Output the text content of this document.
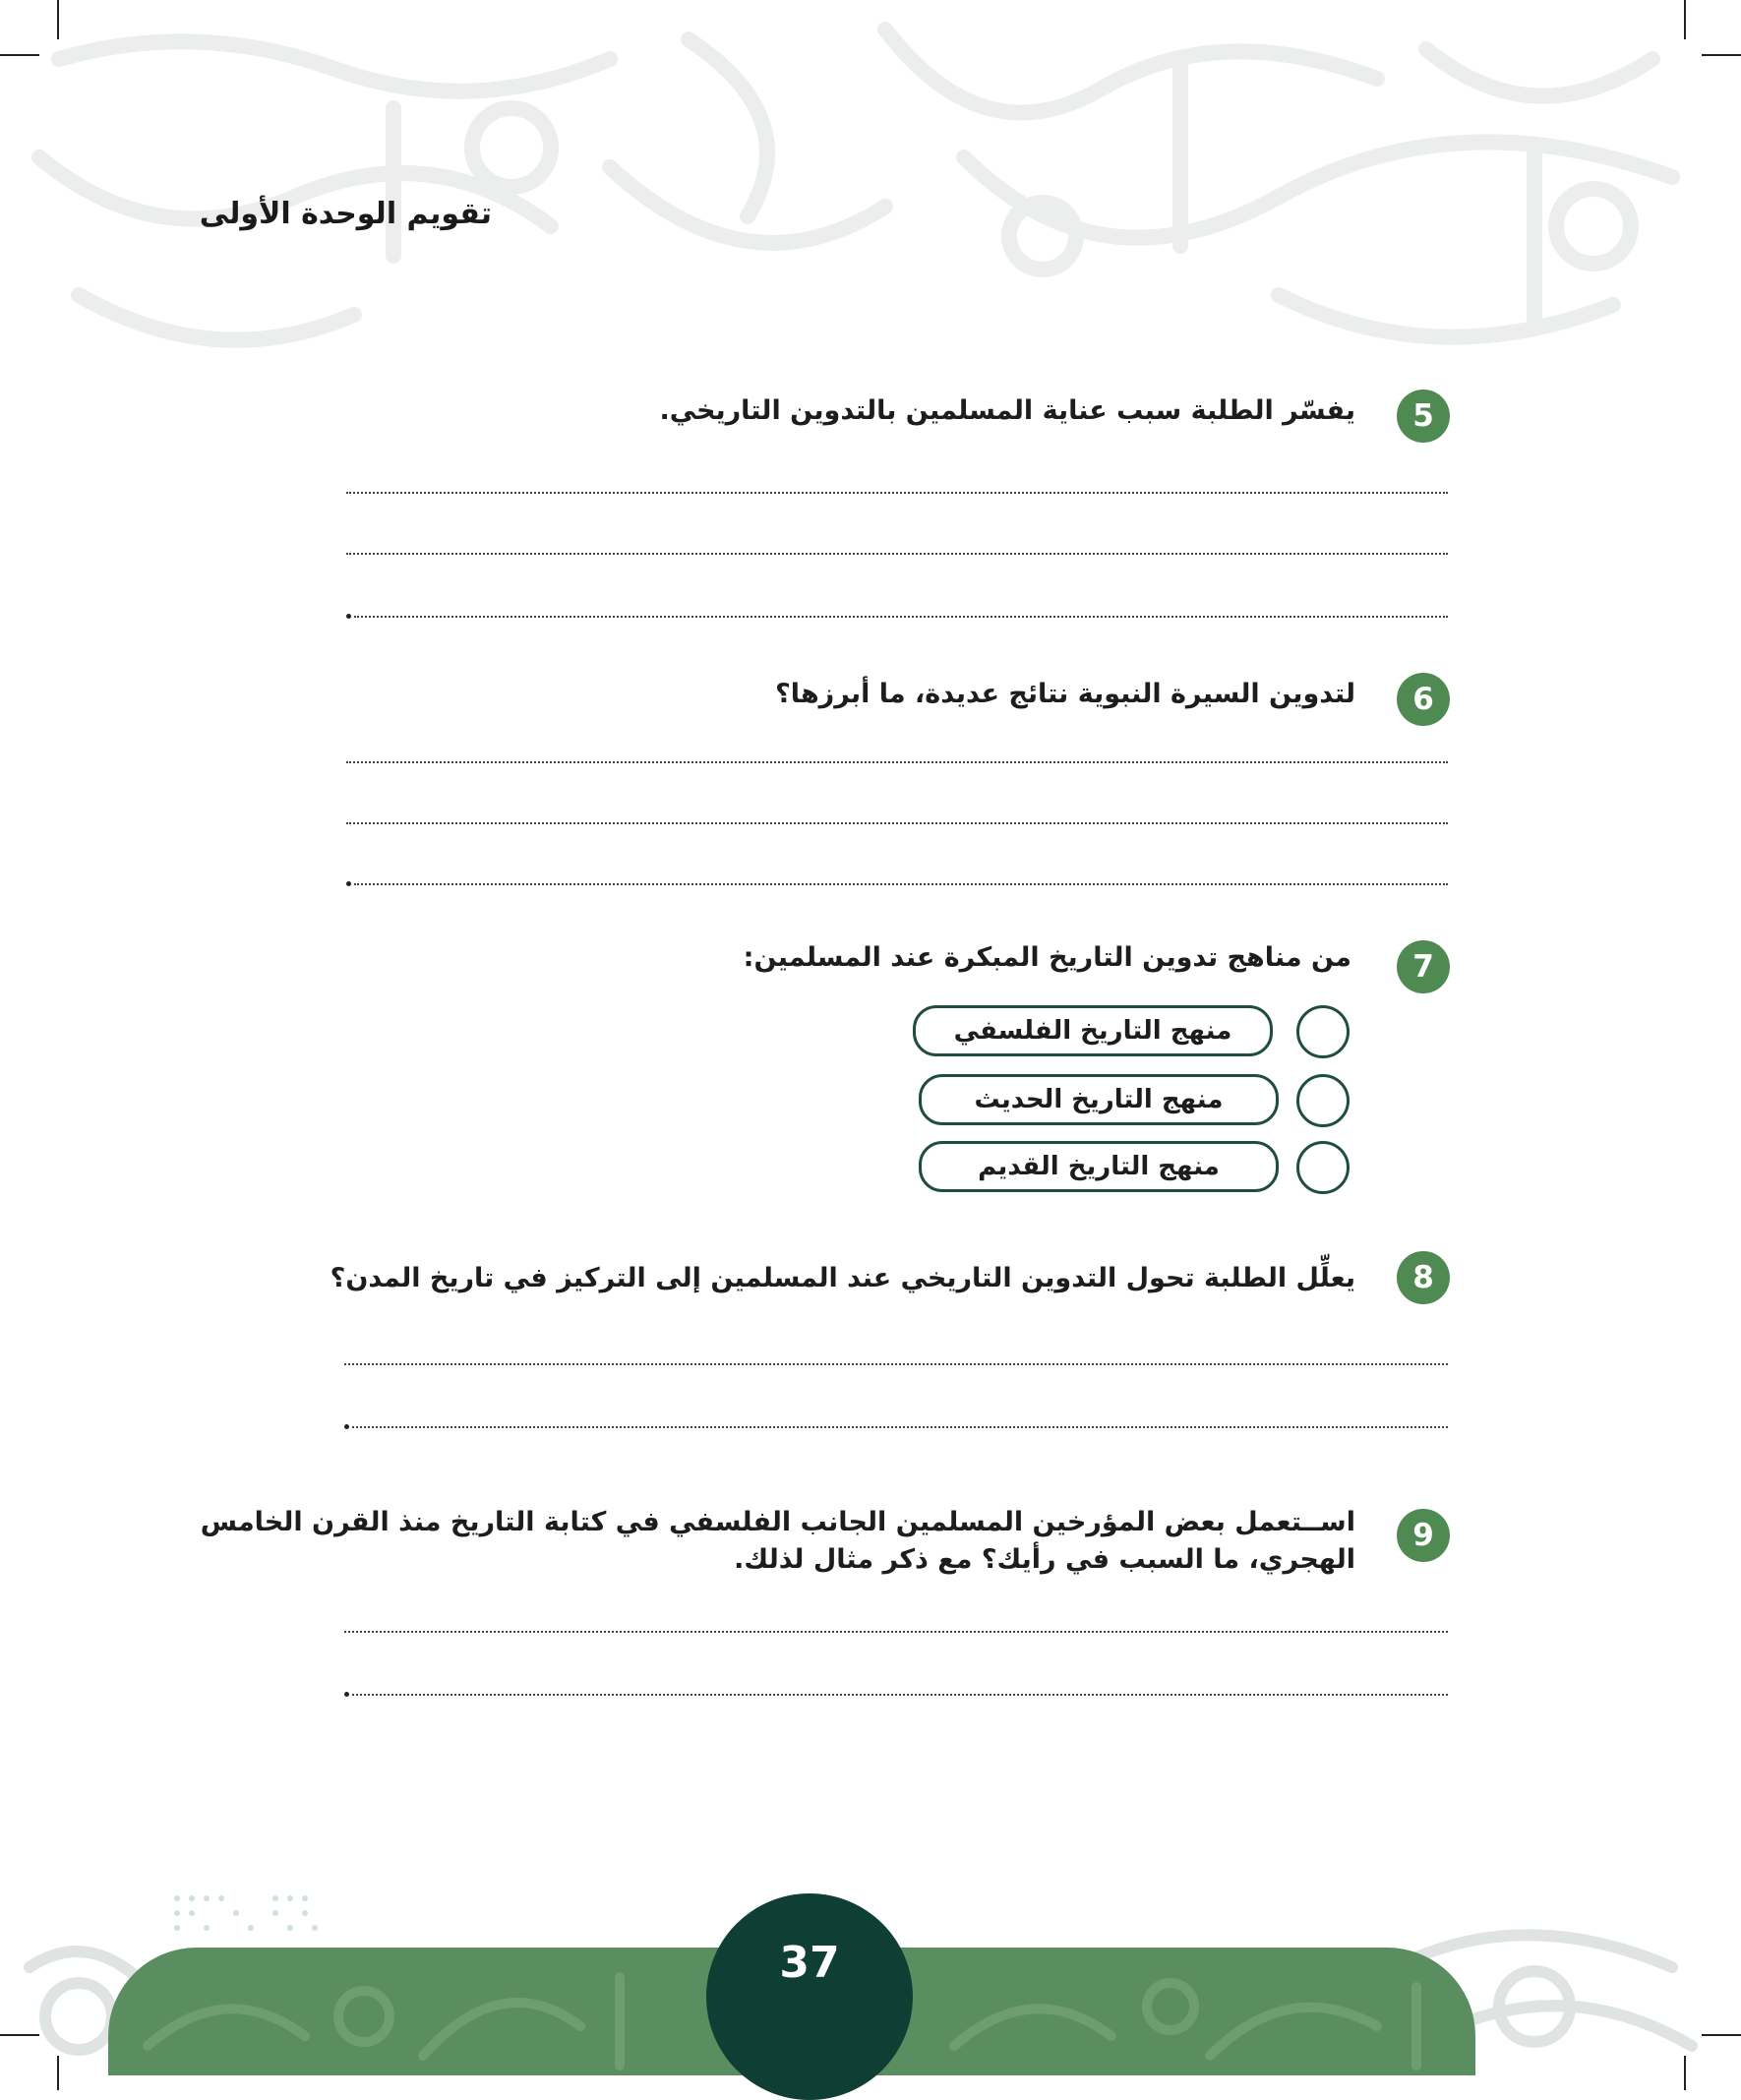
تقويم الوحدة الأولى
5
يفسّر الطلبة سبب عناية المسلمين بالتدوين التاريخي.
6
لتدوين السيرة النبوية نتائج عديدة، ما أبرزها؟
7
من مناهج تدوين التاريخ المبكرة عند المسلمين:
منهج التاريخ الفلسفي
منهج التاريخ الحديث
منهج التاريخ القديم
8
يعلِّل الطلبة تحول التدوين التاريخي عند المسلمين إلى التركيز في تاريخ المدن؟
9
اســتعمل بعض المؤرخين المسلمين الجانب الفلسفي في كتابة التاريخ منذ القرن الخامس
الهجري، ما السبب في رأيك؟ مع ذكر مثال لذلك.
37
